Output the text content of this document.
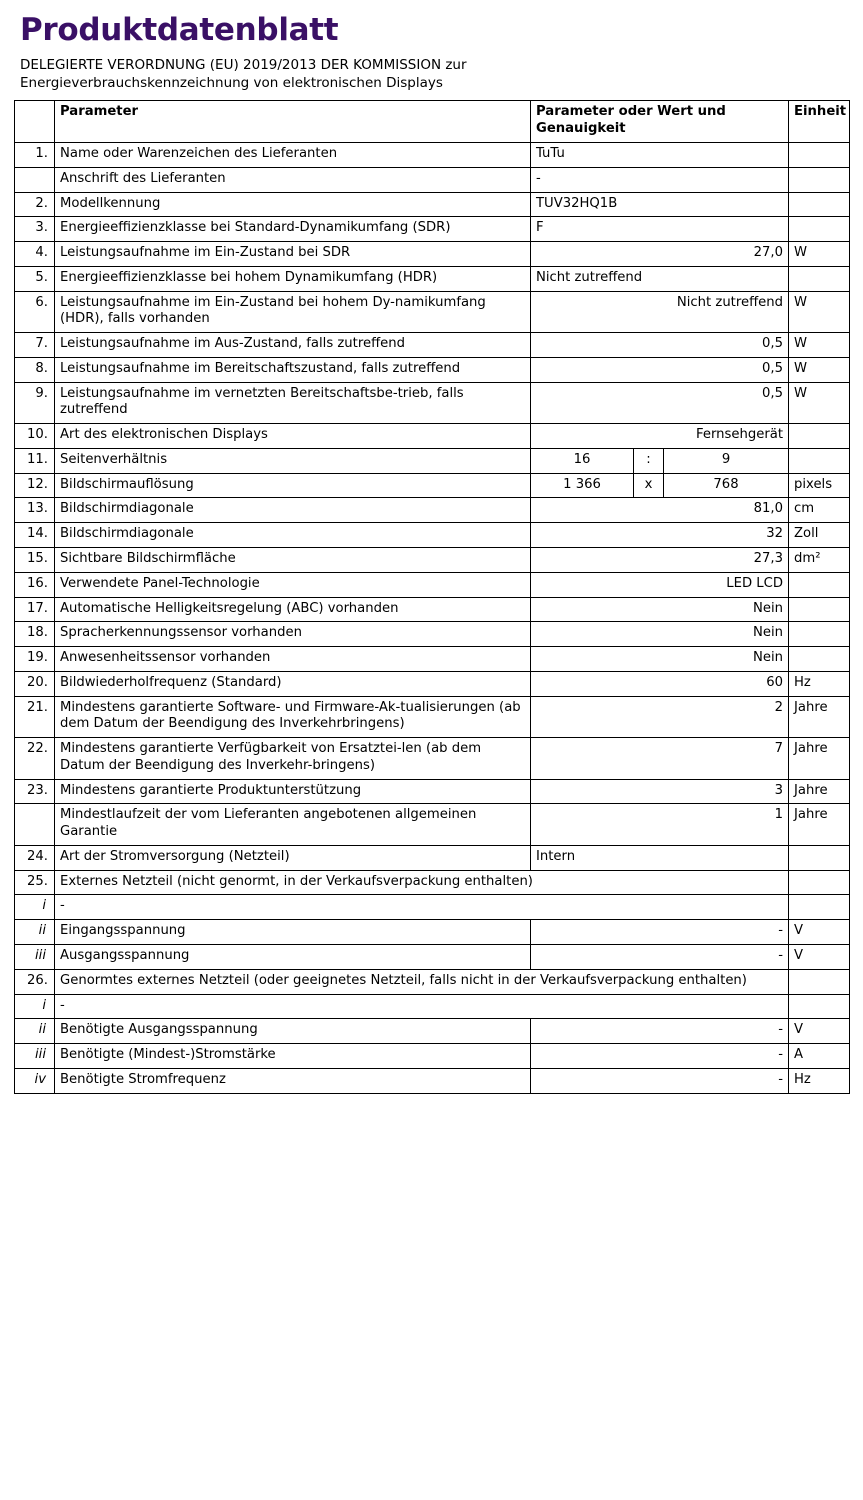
Produktdatenblatt
DELEGIERTE VERORDNUNG (EU) 2019/2013 DER KOMMISSION zur
Energieverbrauchskennzeichnung von elektronischen Displays
	Parameter	Parameter oder Wert und Genauigkeit			Einheit
1.	Name oder Warenzeichen des Lieferanten	TuTu			
	Anschrift des Lieferanten	-			
2.	Modellkennung	TUV32HQ1B			
3.	Energieeffizienzklasse bei Standard-Dynamikumfang (SDR)	F			
4.	Leistungsaufnahme im Ein-Zustand bei SDR	27,0			W
5.	Energieeffizienzklasse bei hohem Dynamikumfang (HDR)	Nicht zutreffend			
6.	Leistungsaufnahme im Ein-Zustand bei hohem Dy-namikumfang (HDR), falls vorhanden	Nicht zutreffend			W
7.	Leistungsaufnahme im Aus-Zustand, falls zutreffend	0,5			W
8.	Leistungsaufnahme im Bereitschaftszustand, falls zutreffend	0,5			W
9.	Leistungsaufnahme im vernetzten Bereitschaftsbe-trieb, falls zutreffend	0,5			W
10.	Art des elektronischen Displays	Fernsehgerät			
11.	Seitenverhältnis	16	:	9	
12.	Bildschirmauflösung	1 366	x	768	pixels
13.	Bildschirmdiagonale	81,0			cm
14.	Bildschirmdiagonale	32			Zoll
15.	Sichtbare Bildschirmfläche	27,3			dm²
16.	Verwendete Panel-Technologie	LED LCD			
17.	Automatische Helligkeitsregelung (ABC) vorhanden	Nein			
18.	Spracherkennungssensor vorhanden	Nein			
19.	Anwesenheitssensor vorhanden	Nein			
20.	Bildwiederholfrequenz (Standard)	60			Hz
21.	Mindestens garantierte Software- und Firmware-Ak-tualisierungen (ab dem Datum der Beendigung des Inverkehrbringens)	2			Jahre
22.	Mindestens garantierte Verfügbarkeit von Ersatztei-len (ab dem Datum der Beendigung des Inverkehr-bringens)	7			Jahre
23.	Mindestens garantierte Produktunterstützung	3			Jahre
	Mindestlaufzeit der vom Lieferanten angebotenen allgemeinen Garantie	1			Jahre
24.	Art der Stromversorgung (Netzteil)	Intern			
25.	Externes Netzteil (nicht genormt, in der Verkaufsverpackung enthalten)				
i	-				
ii	Eingangsspannung	-			V
iii	Ausgangsspannung	-			V
26.	Genormtes externes Netzteil (oder geeignetes Netzteil, falls nicht in der Verkaufsverpackung enthalten)				
i	-				
ii	Benötigte Ausgangsspannung	-			V
iii	Benötigte (Mindest-)Stromstärke	-			A
iv	Benötigte Stromfrequenz	-			Hz
